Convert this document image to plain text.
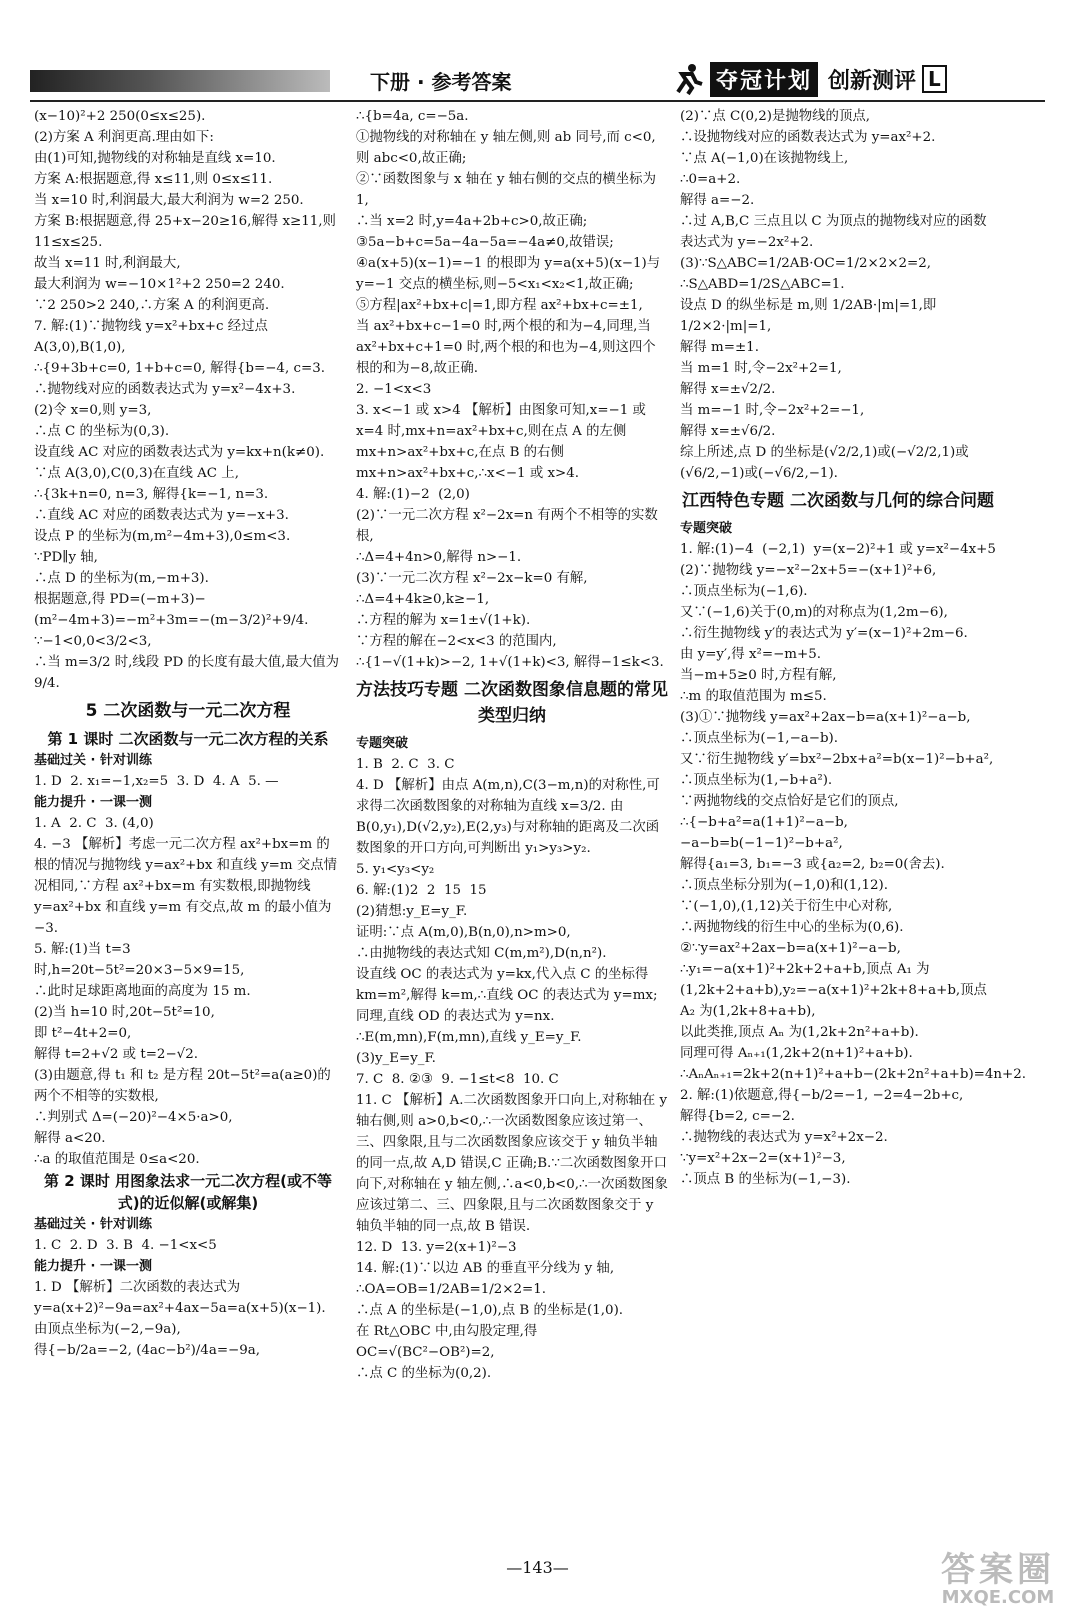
下册 · 参考答案	夺冠计划 创新测评 L

(x−10)²+2 250(0≤x≤25).

(2)方案 A 利润更高.理由如下:

由(1)可知,抛物线的对称轴是直线 x=10.

方案 A:根据题意,得 x≤11,则 0≤x≤11.

当 x=10 时,利润最大,最大利润为 w=2 250.

方案 B:根据题意,得 25+x−20≥16,解得 x≥11,则 11≤x≤25.

故当 x=11 时,利润最大,

最大利润为 w=−10×1²+2 250=2 240.

∵2 250>2 240,∴方案 A 的利润更高.

7. 解:(1)∵抛物线 y=x²+bx+c 经过点 A(3,0),B(1,0),

∴{9+3b+c=0, 1+b+c=0, 解得{b=−4, c=3.

∴抛物线对应的函数表达式为 y=x²−4x+3.

(2)令 x=0,则 y=3,

∴点 C 的坐标为(0,3).

设直线 AC 对应的函数表达式为 y=kx+n(k≠0).

∵点 A(3,0),C(0,3)在直线 AC 上,

∴{3k+n=0, n=3, 解得{k=−1, n=3.

∴直线 AC 对应的函数表达式为 y=−x+3.

设点 P 的坐标为(m,m²−4m+3),0≤m<3.

∵PD∥y 轴,

∴点 D 的坐标为(m,−m+3).

根据题意,得 PD=(−m+3)−(m²−4m+3)=−m²+3m=−(m−3/2)²+9/4.

∵−1<0,0<3/2<3,

∴当 m=3/2 时,线段 PD 的长度有最大值,最大值为 9/4.

5 二次函数与一元二次方程
第 1 课时 二次函数与一元二次方程的关系
基础过关 · 针对训练

1. D  2. x₁=−1,x₂=5  3. D  4. A  5. —

能力提升 · 一课一测

1. A  2. C  3. (4,0)

4. −3 【解析】考虑一元二次方程 ax²+bx=m 的根的情况与抛物线 y=ax²+bx 和直线 y=m 交点情况相同,∵方程 ax²+bx=m 有实数根,即抛物线 y=ax²+bx 和直线 y=m 有交点,故 m 的最小值为−3.

5. 解:(1)当 t=3 时,h=20t−5t²=20×3−5×9=15,

∴此时足球距离地面的高度为 15 m.

(2)当 h=10 时,20t−5t²=10,

即 t²−4t+2=0,

解得 t=2+√2 或 t=2−√2.

(3)由题意,得 t₁ 和 t₂ 是方程 20t−5t²=a(a≥0)的两个不相等的实数根,

∴判别式 Δ=(−20)²−4×5·a>0,

解得 a<20.

∴a 的取值范围是 0≤a<20.

第 2 课时 用图象法求一元二次方程(或不等式)的近似解(或解集)
基础过关 · 针对训练

1. C  2. D  3. B  4. −1<x<5

能力提升 · 一课一测

1. D 【解析】二次函数的表达式为 y=a(x+2)²−9a=ax²+4ax−5a=a(x+5)(x−1).

由顶点坐标为(−2,−9a),

得{−b/2a=−2, (4ac−b²)/4a=−9a,

∴{b=4a, c=−5a.

①抛物线的对称轴在 y 轴左侧,则 ab 同号,而 c<0,则 abc<0,故正确;

②∵函数图象与 x 轴在 y 轴右侧的交点的横坐标为 1,

∴当 x=2 时,y=4a+2b+c>0,故正确;

③5a−b+c=5a−4a−5a=−4a≠0,故错误;

④a(x+5)(x−1)=−1 的根即为 y=a(x+5)(x−1)与 y=−1 交点的横坐标,则−5<x₁<x₂<1,故正确;

⑤方程|ax²+bx+c|=1,即方程 ax²+bx+c=±1,

当 ax²+bx+c−1=0 时,两个根的和为−4,同理,当 ax²+bx+c+1=0 时,两个根的和也为−4,则这四个根的和为−8,故正确.

2. −1<x<3

3. x<−1 或 x>4 【解析】由图象可知,x=−1 或 x=4 时,mx+n=ax²+bx+c,则在点 A 的左侧 mx+n>ax²+bx+c,在点 B 的右侧 mx+n>ax²+bx+c,∴x<−1 或 x>4.

4. 解:(1)−2  (2,0)

(2)∵一元二次方程 x²−2x=n 有两个不相等的实数根,

∴Δ=4+4n>0,解得 n>−1.

(3)∵一元二次方程 x²−2x−k=0 有解,

∴Δ=4+4k≥0,k≥−1,

∴方程的解为 x=1±√(1+k).

∵方程的解在−2<x<3 的范围内,

∴{1−√(1+k)>−2, 1+√(1+k)<3, 解得−1≤k<3.

方法技巧专题 二次函数图象信息题的常见类型归纳
专题突破

1. B  2. C  3. C

4. D 【解析】由点 A(m,n),C(3−m,n)的对称性,可求得二次函数图象的对称轴为直线 x=3/2. 由 B(0,y₁),D(√2,y₂),E(2,y₃)与对称轴的距离及二次函数图象的开口方向,可判断出 y₁>y₃>y₂.

5. y₁<y₃<y₂

6. 解:(1)2  2  15  15

(2)猜想:y_E=y_F.

证明:∵点 A(m,0),B(n,0),n>m>0,

∴由抛物线的表达式知 C(m,m²),D(n,n²).

设直线 OC 的表达式为 y=kx,代入点 C 的坐标得 km=m²,解得 k=m,∴直线 OC 的表达式为 y=mx;同理,直线 OD 的表达式为 y=nx.

∴E(m,mn),F(m,mn),直线 y_E=y_F.

(3)y_E=y_F.

7. C  8. ②③  9. −1≤t<8  10. C

11. C 【解析】A.二次函数图象开口向上,对称轴在 y 轴右侧,则 a>0,b<0,∴一次函数图象应该过第一、三、四象限,且与二次函数图象应该交于 y 轴负半轴的同一点,故 A,D 错误,C 正确;B.∵二次函数图象开口向下,对称轴在 y 轴左侧,∴a<0,b<0,∴一次函数图象应该过第二、三、四象限,且与二次函数图象交于 y 轴负半轴的同一点,故 B 错误.

12. D  13. y=2(x+1)²−3

14. 解:(1)∵以边 AB 的垂直平分线为 y 轴,

∴OA=OB=1/2AB=1/2×2=1.

∴点 A 的坐标是(−1,0),点 B 的坐标是(1,0).

在 Rt△OBC 中,由勾股定理,得 OC=√(BC²−OB²)=2,

∴点 C 的坐标为(0,2).

(2)∵点 C(0,2)是抛物线的顶点,

∴设抛物线对应的函数表达式为 y=ax²+2.

∵点 A(−1,0)在该抛物线上,

∴0=a+2.

解得 a=−2.

∴过 A,B,C 三点且以 C 为顶点的抛物线对应的函数表达式为 y=−2x²+2.

(3)∵S△ABC=1/2AB·OC=1/2×2×2=2,

∴S△ABD=1/2S△ABC=1.

设点 D 的纵坐标是 m,则 1/2AB·|m|=1,即 1/2×2·|m|=1,

解得 m=±1.

当 m=1 时,令−2x²+2=1,

解得 x=±√2/2.

当 m=−1 时,令−2x²+2=−1,

解得 x=±√6/2.

综上所述,点 D 的坐标是(√2/2,1)或(−√2/2,1)或(√6/2,−1)或(−√6/2,−1).

江西特色专题 二次函数与几何的综合问题
专题突破

1. 解:(1)−4  (−2,1)  y=(x−2)²+1 或 y=x²−4x+5

(2)∵抛物线 y=−x²−2x+5=−(x+1)²+6,

∴顶点坐标为(−1,6).

又∵(−1,6)关于(0,m)的对称点为(1,2m−6),

∴衍生抛物线 y′的表达式为 y′=(x−1)²+2m−6.

由 y=y′,得 x²=−m+5.

当−m+5≥0 时,方程有解,

∴m 的取值范围为 m≤5.

(3)①∵抛物线 y=ax²+2ax−b=a(x+1)²−a−b,

∴顶点坐标为(−1,−a−b).

又∵衍生抛物线 y′=bx²−2bx+a²=b(x−1)²−b+a²,

∴顶点坐标为(1,−b+a²).

∵两抛物线的交点恰好是它们的顶点,

∴{−b+a²=a(1+1)²−a−b, −a−b=b(−1−1)²−b+a²,

解得{a₁=3, b₁=−3 或{a₂=2, b₂=0(舍去).

∴顶点坐标分别为(−1,0)和(1,12).

∵(−1,0),(1,12)关于衍生中心对称,

∴两抛物线的衍生中心的坐标为(0,6).

②∵y=ax²+2ax−b=a(x+1)²−a−b,

∴y₁=−a(x+1)²+2k+2+a+b,顶点 A₁ 为(1,2k+2+a+b),y₂=−a(x+1)²+2k+8+a+b,顶点 A₂ 为(1,2k+8+a+b),

以此类推,顶点 Aₙ 为(1,2k+2n²+a+b).

同理可得 Aₙ₊₁(1,2k+2(n+1)²+a+b).

∴AₙAₙ₊₁=2k+2(n+1)²+a+b−(2k+2n²+a+b)=4n+2.

2. 解:(1)依题意,得{−b/2=−1, −2=4−2b+c,

解得{b=2, c=−2.

∴抛物线的表达式为 y=x²+2x−2.

∵y=x²+2x−2=(x+1)²−3,

∴顶点 B 的坐标为(−1,−3).

—143—	答案圈
MXQE.COM
